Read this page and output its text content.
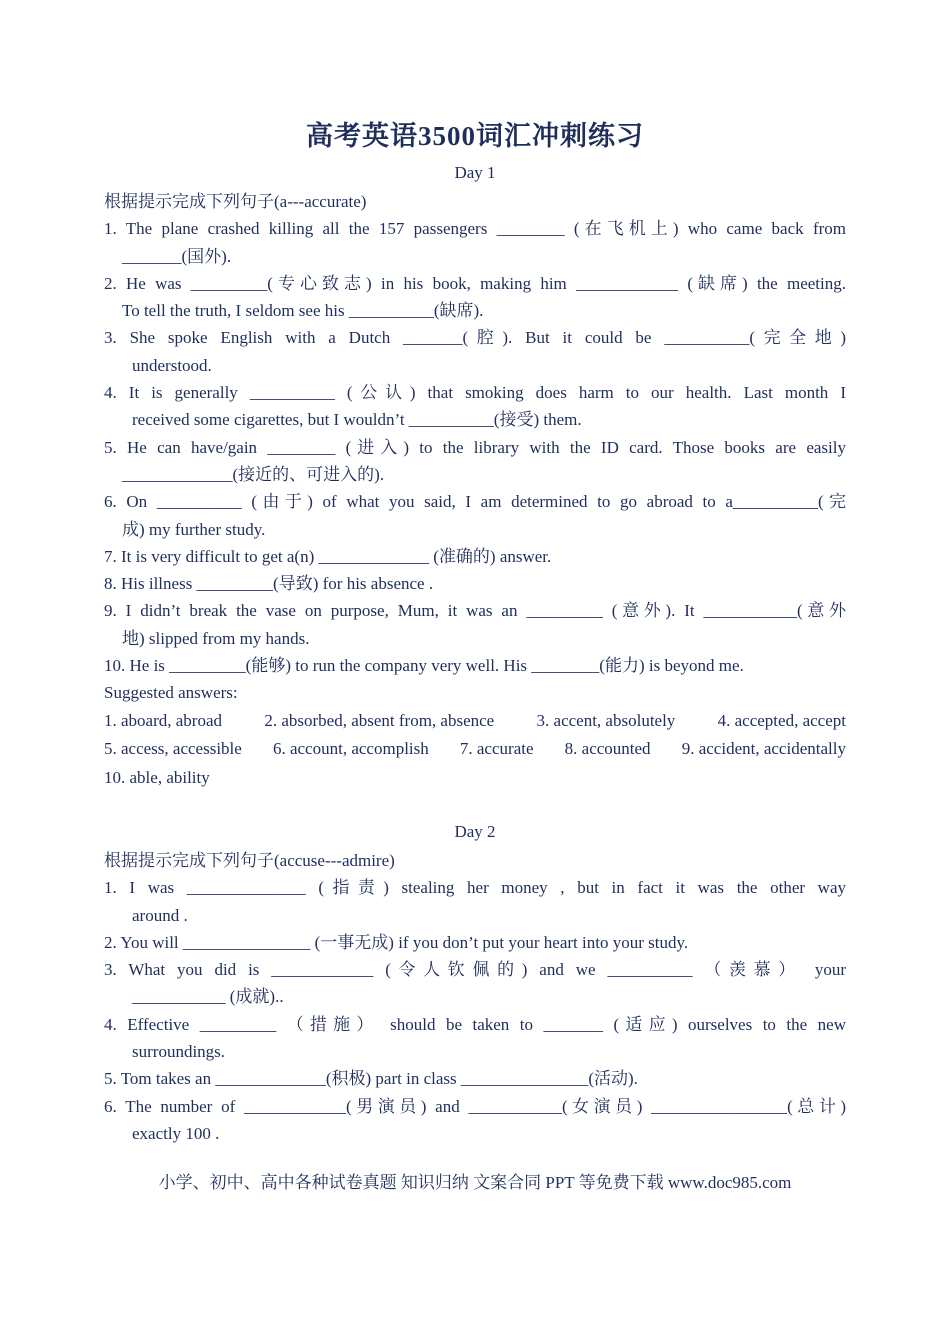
高考英语3500词汇冲刺练习
Day 1
根据提示完成下列句子(a---accurate)
1. The plane crashed killing all the 157 passengers ________ (在飞机上) who came back from
_______(国外).
2. He was _________(专心致志) in his book, making him ____________ (缺席) the meeting.
To tell the truth, I seldom see his __________(缺席).
3. She spoke English with a Dutch _______(腔). But it could be __________(完全地)
understood.
4. It is generally __________ (公认) that smoking does harm to our health. Last month I
received some cigarettes, but I wouldn’t __________(接受) them.
5. He can have/gain ________ (进入) to the library with the ID card. Those books are easily
_____________(接近的、可进入的).
6. On __________ (由于) of what you said, I am determined to go abroad to a__________(完
成) my further study.
7. It is very difficult to get a(n) _____________ (准确的) answer.
8. His illness _________(导致) for his absence .
9. I didn’t break the vase on purpose, Mum, it was an _________ (意外). It ___________(意外
地) slipped from my hands.
10. He is _________(能够) to run the company very well. His ________(能力) is beyond me.
Suggested answers:
1. aboard, abroad 2. absorbed, absent from, absence 3. accent, absolutely 4. accepted, accept
5. access, accessible 6. account, accomplish 7. accurate 8. accounted 9. accident, accidentally
10. able, ability
Day 2
根据提示完成下列句子(accuse---admire)
1. I was ______________ (指责) stealing her money , but in fact it was the other way
around .
2. You will _______________ (一事无成) if you don’t put your heart into your study.
3. What you did is ____________ (令人钦佩的) and we __________ （羡慕） your
___________ (成就)..
4. Effective _________ （措施） should be taken to _______ (适应) ourselves to the new
surroundings.
5. Tom takes an _____________(积极) part in class _______________(活动).
6. The number of ____________(男演员) and ___________(女演员) ________________(总计)
exactly 100 .
小学、初中、高中各种试卷真题 知识归纳 文案合同 PPT 等免费下载 www.doc985.com
